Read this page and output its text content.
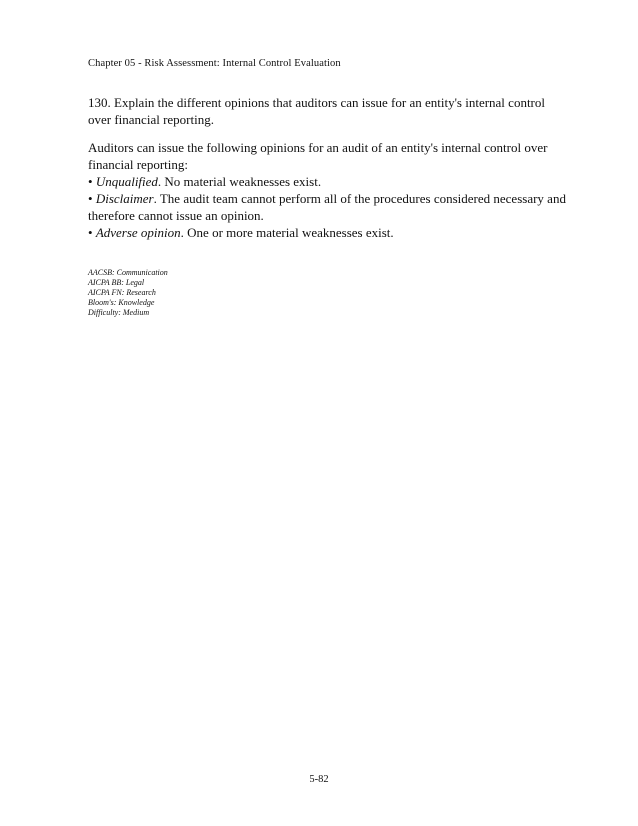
Chapter 05 - Risk Assessment: Internal Control Evaluation
130. Explain the different opinions that auditors can issue for an entity's internal control over financial reporting.

Auditors can issue the following opinions for an audit of an entity's internal control over financial reporting:

• Unqualified. No material weaknesses exist.

• Disclaimer. The audit team cannot perform all of the procedures considered necessary and therefore cannot issue an opinion.

• Adverse opinion. One or more material weaknesses exist.

AACSB: Communication
AICPA BB: Legal
AICPA FN: Research
Bloom's: Knowledge
Difficulty: Medium
5-82
